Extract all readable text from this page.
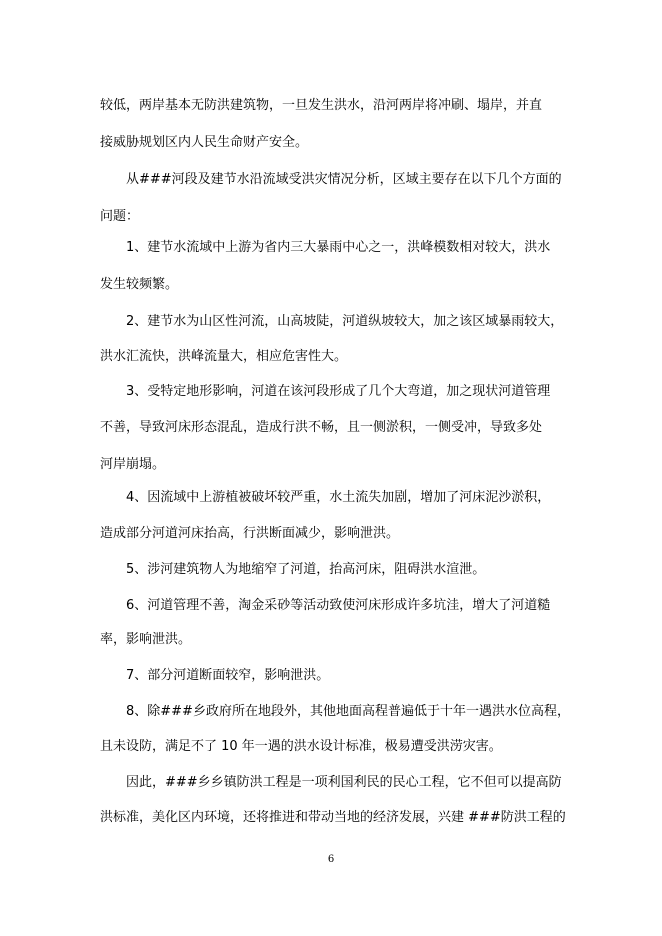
较低，两岸基本无防洪建筑物，一旦发生洪水，沿河两岸将冲刷、塌岸，并直
接威胁规划区内人民生命财产安全。
从###河段及建节水沿流域受洪灾情况分析，区域主要存在以下几个方面的
问题：
1、建节水流域中上游为省内三大暴雨中心之一，洪峰模数相对较大，洪水
发生较频繁。
2、建节水为山区性河流，山高坡陡，河道纵坡较大，加之该区域暴雨较大，
洪水汇流快，洪峰流量大，相应危害性大。
3、受特定地形影响，河道在该河段形成了几个大弯道，加之现状河道管理
不善，导致河床形态混乱，造成行洪不畅，且一侧淤积，一侧受冲，导致多处
河岸崩塌。
4、因流域中上游植被破坏较严重，水土流失加剧，增加了河床泥沙淤积，
造成部分河道河床抬高，行洪断面减少，影响泄洪。
5、涉河建筑物人为地缩窄了河道，抬高河床，阻碍洪水渲泄。
6、河道管理不善，淘金采砂等活动致使河床形成许多坑洼，增大了河道糙
率，影响泄洪。
7、部分河道断面较窄，影响泄洪。
8、除###乡政府所在地段外，其他地面高程普遍低于十年一遇洪水位高程，
且未设防，满足不了 10 年一遇的洪水设计标准，极易遭受洪涝灾害。
因此，###乡乡镇防洪工程是一项利国利民的民心工程，它不但可以提高防
洪标准，美化区内环境，还将推进和带动当地的经济发展，兴建 ###防洪工程的
6
